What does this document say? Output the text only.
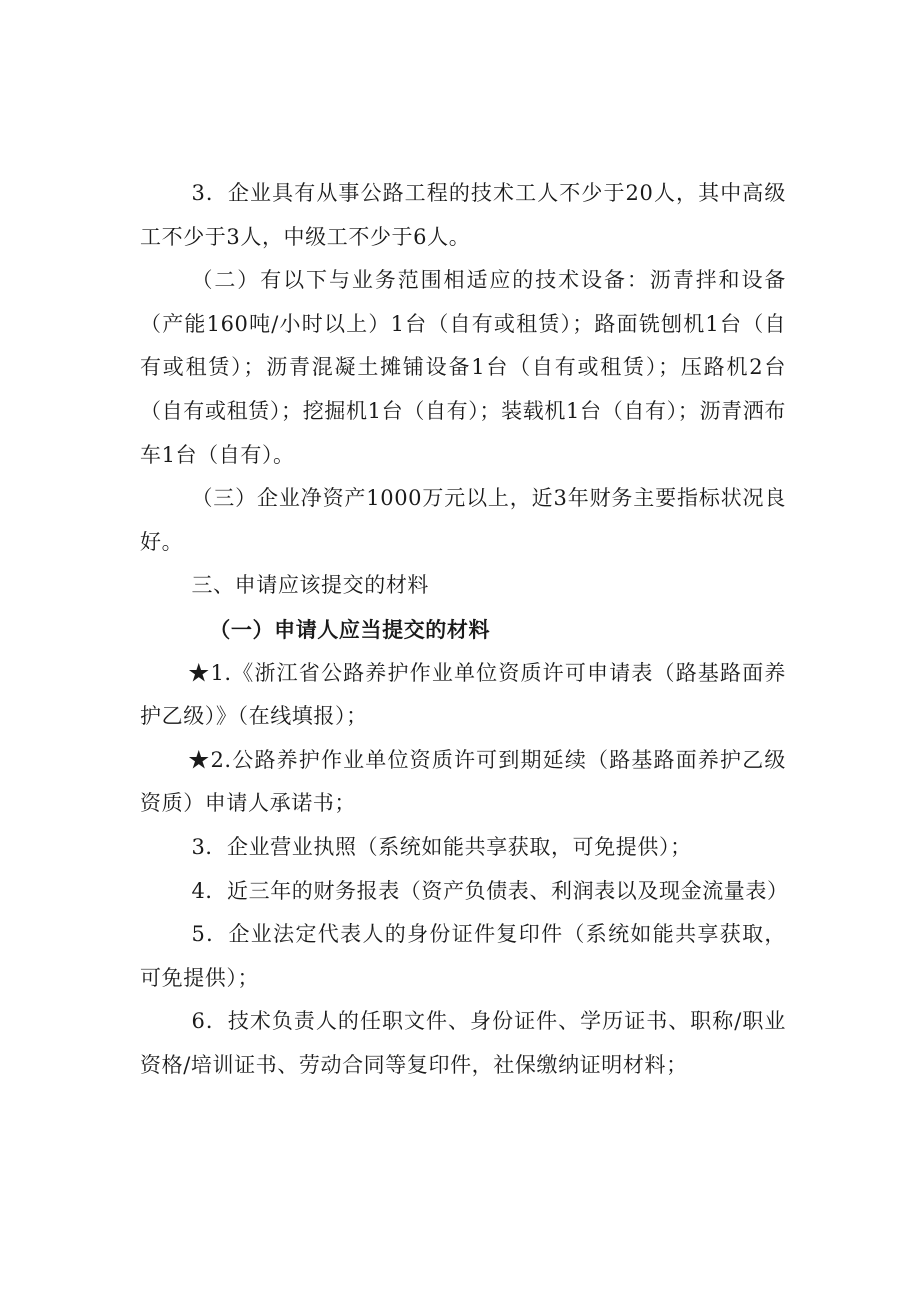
3．企业具有从事公路工程的技术工人不少于20人，其中高级工不少于3人，中级工不少于6人。

（二）有以下与业务范围相适应的技术设备：沥青拌和设备（产能160吨/小时以上）1台（自有或租赁）；路面铣刨机1台（自有或租赁）；沥青混凝土摊铺设备1台（自有或租赁）；压路机2台（自有或租赁）；挖掘机1台（自有）；装载机1台（自有）；沥青洒布车1台（自有）。

（三）企业净资产1000万元以上，近3年财务主要指标状况良好。

三、申请应该提交的材料

（一）申请人应当提交的材料

★1.《浙江省公路养护作业单位资质许可申请表（路基路面养护乙级）》（在线填报）；

★2.公路养护作业单位资质许可到期延续（路基路面养护乙级资质）申请人承诺书；

3．企业营业执照（系统如能共享获取，可免提供）；

4．近三年的财务报表（资产负债表、利润表以及现金流量表）

5．企业法定代表人的身份证件复印件（系统如能共享获取，可免提供）；

6．技术负责人的任职文件、身份证件、学历证书、职称/职业资格/培训证书、劳动合同等复印件，社保缴纳证明材料；
